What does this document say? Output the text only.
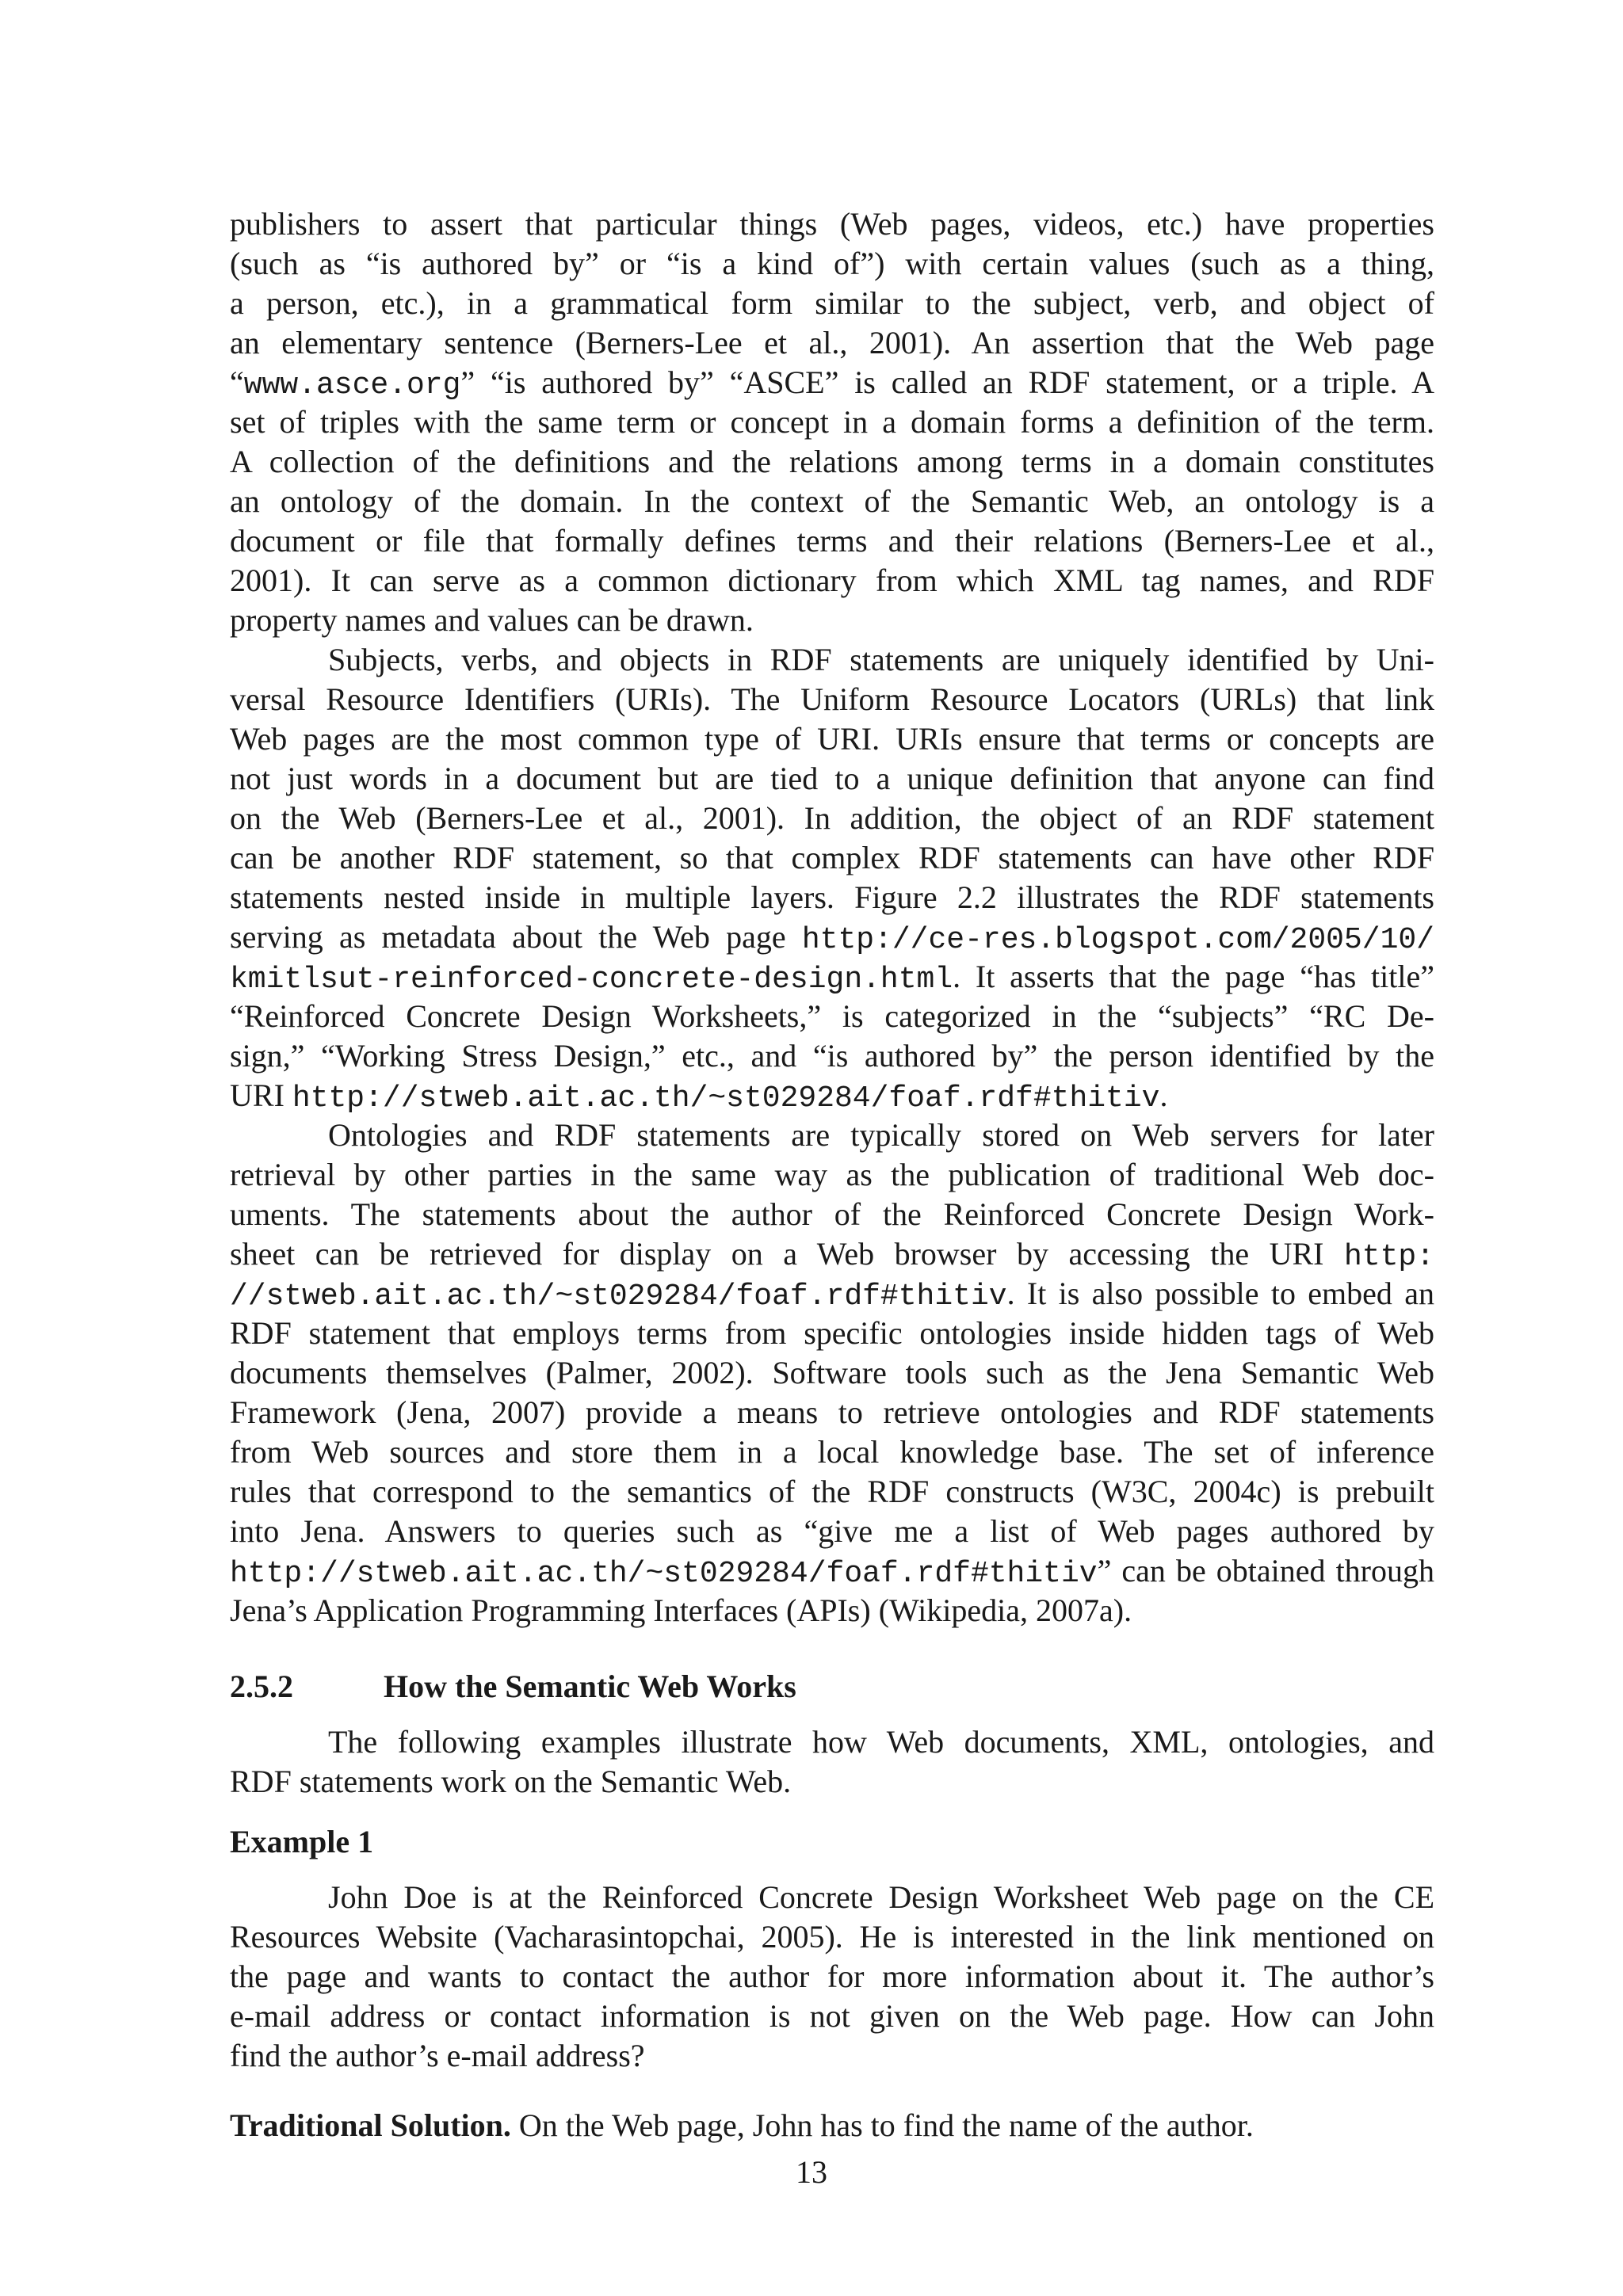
publishers to assert that particular things (Web pages, videos, etc.) have properties
(such as “is authored by” or “is a kind of”) with certain values (such as a thing,
a person, etc.), in a grammatical form similar to the subject, verb, and object of
an elementary sentence (Berners-Lee et al., 2001). An assertion that the Web page
“www.asce.org” “is authored by” “ASCE” is called an RDF statement, or a triple. A
set of triples with the same term or concept in a domain forms a definition of the term.
A collection of the definitions and the relations among terms in a domain constitutes
an ontology of the domain. In the context of the Semantic Web, an ontology is a
document or file that formally defines terms and their relations (Berners-Lee et al.,
2001). It can serve as a common dictionary from which XML tag names, and RDF
property names and values can be drawn.
Subjects, verbs, and objects in RDF statements are uniquely identified by Uni-
versal Resource Identifiers (URIs). The Uniform Resource Locators (URLs) that link
Web pages are the most common type of URI. URIs ensure that terms or concepts are
not just words in a document but are tied to a unique definition that anyone can find
on the Web (Berners-Lee et al., 2001). In addition, the object of an RDF statement
can be another RDF statement, so that complex RDF statements can have other RDF
statements nested inside in multiple layers. Figure 2.2 illustrates the RDF statements
serving as metadata about the Web page http://ce-res.blogspot.com/2005/10/
kmitlsut-reinforced-concrete-design.html. It asserts that the page “has title”
“Reinforced Concrete Design Worksheets,” is categorized in the “subjects” “RC De-
sign,” “Working Stress Design,” etc., and “is authored by” the person identified by the
URI http://stweb.ait.ac.th/~st029284/foaf.rdf#thitiv.
Ontologies and RDF statements are typically stored on Web servers for later
retrieval by other parties in the same way as the publication of traditional Web doc-
uments. The statements about the author of the Reinforced Concrete Design Work-
sheet can be retrieved for display on a Web browser by accessing the URI http:
//stweb.ait.ac.th/~st029284/foaf.rdf#thitiv. It is also possible to embed an
RDF statement that employs terms from specific ontologies inside hidden tags of Web
documents themselves (Palmer, 2002). Software tools such as the Jena Semantic Web
Framework (Jena, 2007) provide a means to retrieve ontologies and RDF statements
from Web sources and store them in a local knowledge base. The set of inference
rules that correspond to the semantics of the RDF constructs (W3C, 2004c) is prebuilt
into Jena. Answers to queries such as “give me a list of Web pages authored by
http://stweb.ait.ac.th/~st029284/foaf.rdf#thitiv” can be obtained through
Jena’s Application Programming Interfaces (APIs) (Wikipedia, 2007a).
The following examples illustrate how Web documents, XML, ontologies, and
RDF statements work on the Semantic Web.
John Doe is at the Reinforced Concrete Design Worksheet Web page on the CE
Resources Website (Vacharasintopchai, 2005). He is interested in the link mentioned on
the page and wants to contact the author for more information about it. The author’s
e-mail address or contact information is not given on the Web page. How can John
find the author’s e-mail address?
Traditional Solution. On the Web page, John has to find the name of the author.
2.5.2	How the Semantic Web Works
Example 1
13
